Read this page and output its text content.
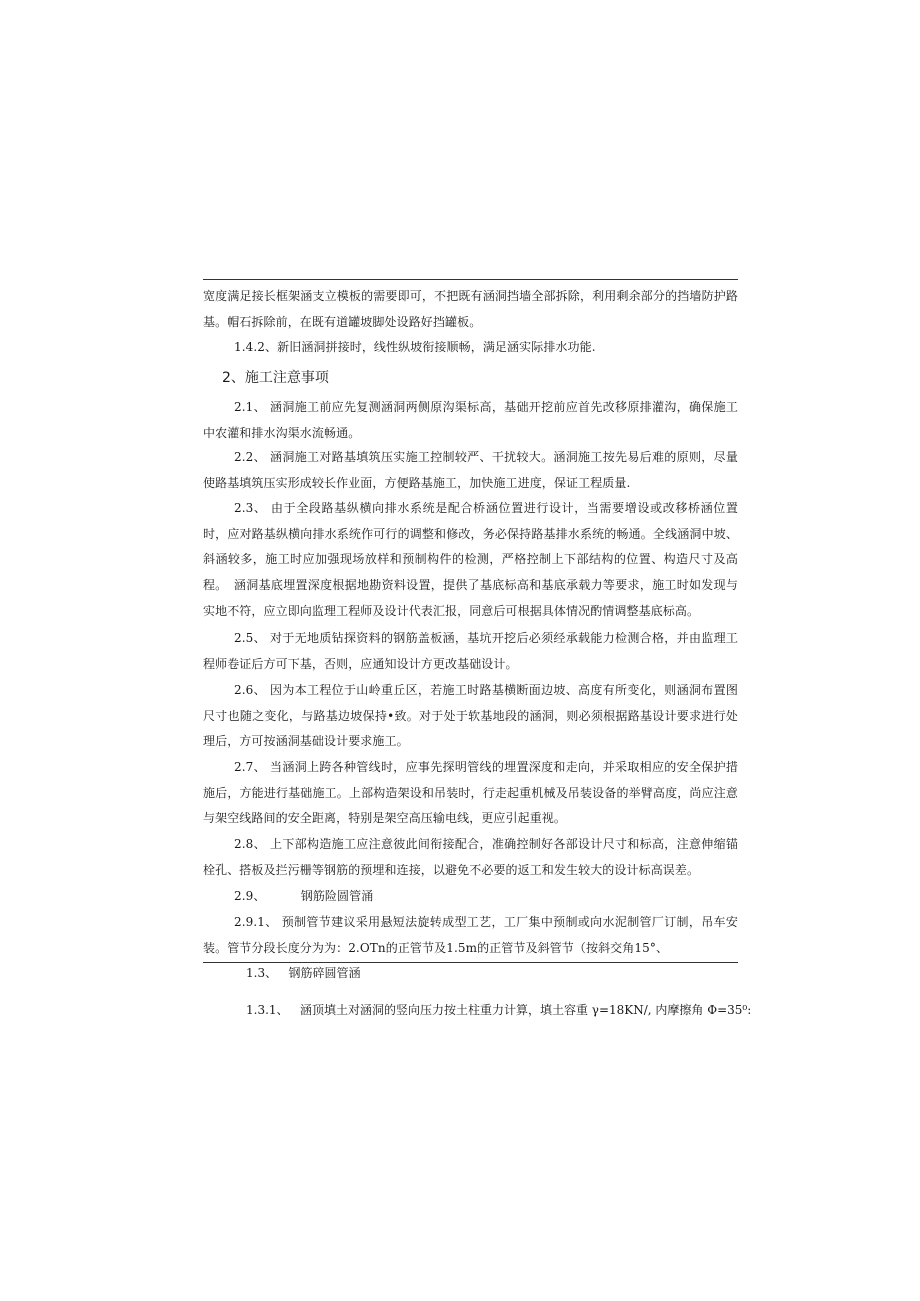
宽度满足接长框架涵支立模板的需要即可，不把既有涵洞挡墙全部拆除，利用剩余部分的挡墙防护路基。帽石拆除前，在既有道罐坡脚处设路好挡罐板。
1.4.2、新旧涵洞拼接时，线性纵坡衔接顺畅，满足涵实际排水功能.
2、施工注意事项
2.1、 涵洞施工前应先复测涵洞两侧原沟渠标高，基础开挖前应首先改移原排灌沟，确保施工中农灌和排水沟渠水流畅通。
2.2、 涵洞施工对路基填筑压实施工控制较严、干扰较大。涵洞施工按先易后难的原则，尽量使路基填筑压实形成较长作业面，方便路基施工，加快施工进度，保证工程质量.
2.3、 由于全段路基纵横向排水系统是配合桥涵位置进行设计，当需要增设或改移桥涵位置时，应对路基纵横向排水系统作可行的调整和修改，务必保持路基排水系统的畅通。全线涵洞中坡、斜涵较多，施工时应加强现场放样和预制构件的检测，严格控制上下部结构的位置、构造尺寸及高程。 涵洞基底埋置深度根据地勘资料设置，提供了基底标高和基底承载力等要求，施工时如发现与实地不符，应立即向监理工程师及设计代表汇报，同意后可根据具体情况酌情调整基底标高。
2.5、 对于无地质钻探资料的钢筋盖板涵，基坑开挖后必须经承载能力检测合格，并由监理工程师卷证后方可下基，否则，应通知设计方更改基础设计。
2.6、 因为本工程位于山岭重丘区，若施工时路基横断面边坡、高度有所变化，则涵洞布置图尺寸也随之变化，与路基边坡保持•致。对于处于软基地段的涵洞，则必须根据路基设计要求进行处理后，方可按涵洞基础设计要求施工。
2.7、 当涵洞上跨各种管线时，应事先探明管线的埋置深度和走向，并采取相应的安全保护措施后，方能进行基础施工。上部构造架设和吊装时，行走起重机械及吊装设备的举臂高度，尚应注意与架空线路间的安全距离，特别是架空高压输电线，更应引起重视。
2.8、 上下部构造施工应注意彼此间衔接配合，准确控制好各部设计尺寸和标高，注意伸缩锚栓孔、搭板及拦污栅等钢筋的预埋和连接，以避免不必要的返工和发生较大的设计标高误差。
2.9、         钢筋险圆管涌
2.9.1、 预制管节建议采用悬短法旋转成型工艺，工厂集中预制或向水泥制管厂订制，吊车安装。管节分段长度分为为：2.OTn的正管节及1.5m的正管节及斜管节（按斜交角15°、
1.3、   钢筋碎圆管涵
1.3.1、   涵顶填土对涵洞的竖向压力按土柱重力计算，填土容重 γ=18KN/, 内摩擦角 Φ=35⁰:
